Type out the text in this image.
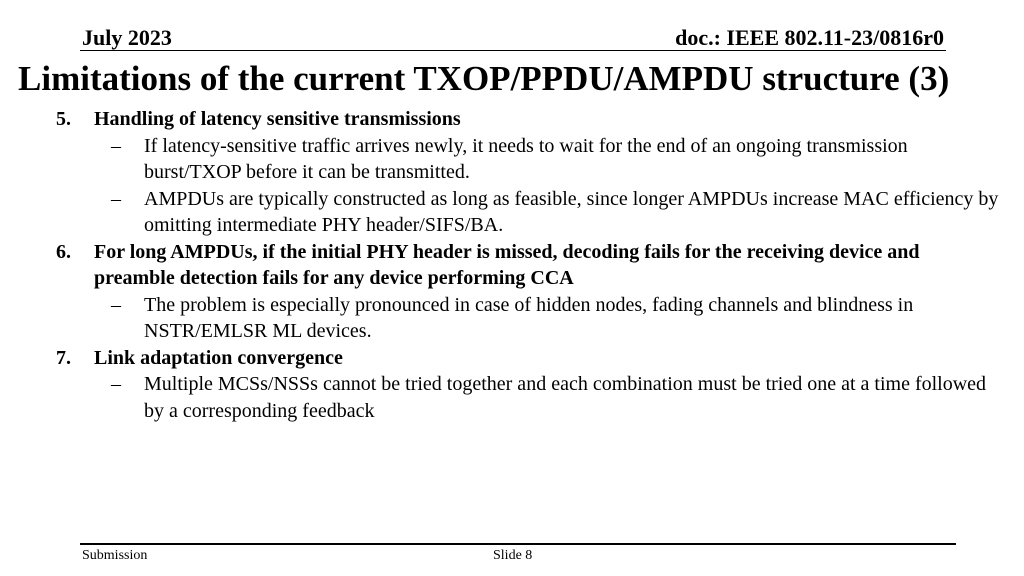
July 2023	doc.: IEEE 802.11-23/0816r0
Limitations of the current TXOP/PPDU/AMPDU structure (3)
5. Handling of latency sensitive transmissions
– If latency-sensitive traffic arrives newly, it needs to wait for the end of an ongoing transmission burst/TXOP before it can be transmitted.
– AMPDUs are typically constructed as long as feasible, since longer AMPDUs increase MAC efficiency by omitting intermediate PHY header/SIFS/BA.
6. For long AMPDUs, if the initial PHY header is missed, decoding fails for the receiving device and preamble detection fails for any device performing CCA
– The problem is especially pronounced in case of hidden nodes, fading channels and blindness in NSTR/EMLSR ML devices.
7. Link adaptation convergence
– Multiple MCSs/NSSs cannot be tried together and each combination must be tried one at a time followed by a corresponding feedback
Submission	Slide 8
